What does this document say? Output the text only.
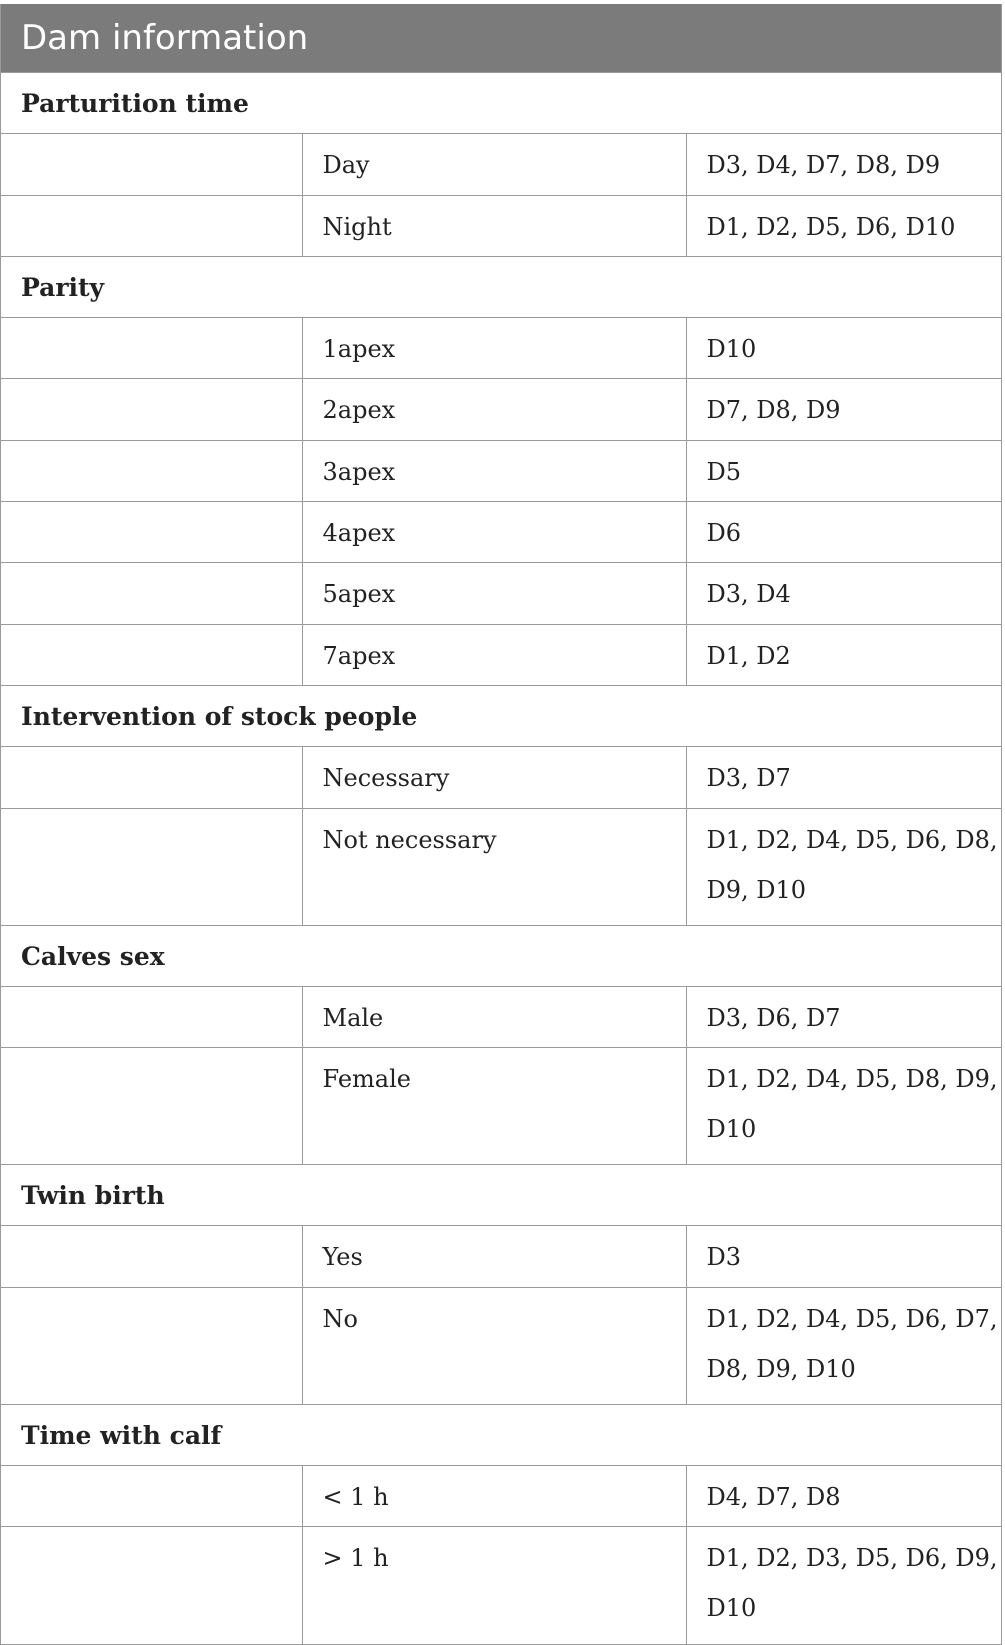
Dam information
Parturition time		
	Day	D3, D4, D7, D8, D9
	Night	D1, D2, D5, D6, D10
Parity		
	1apex	D10
	2apex	D7, D8, D9
	3apex	D5
	4apex	D6
	5apex	D3, D4
	7apex	D1, D2
Intervention of stock people		
	Necessary	D3, D7
	Not necessary	D1, D2, D4, D5, D6, D8, D9, D10
Calves sex		
	Male	D3, D6, D7
	Female	D1, D2, D4, D5, D8, D9, D10
Twin birth		
	Yes	D3
	No	D1, D2, D4, D5, D6, D7, D8, D9, D10
Time with calf		
	< 1 h	D4, D7, D8
	> 1 h	D1, D2, D3, D5, D6, D9, D10
